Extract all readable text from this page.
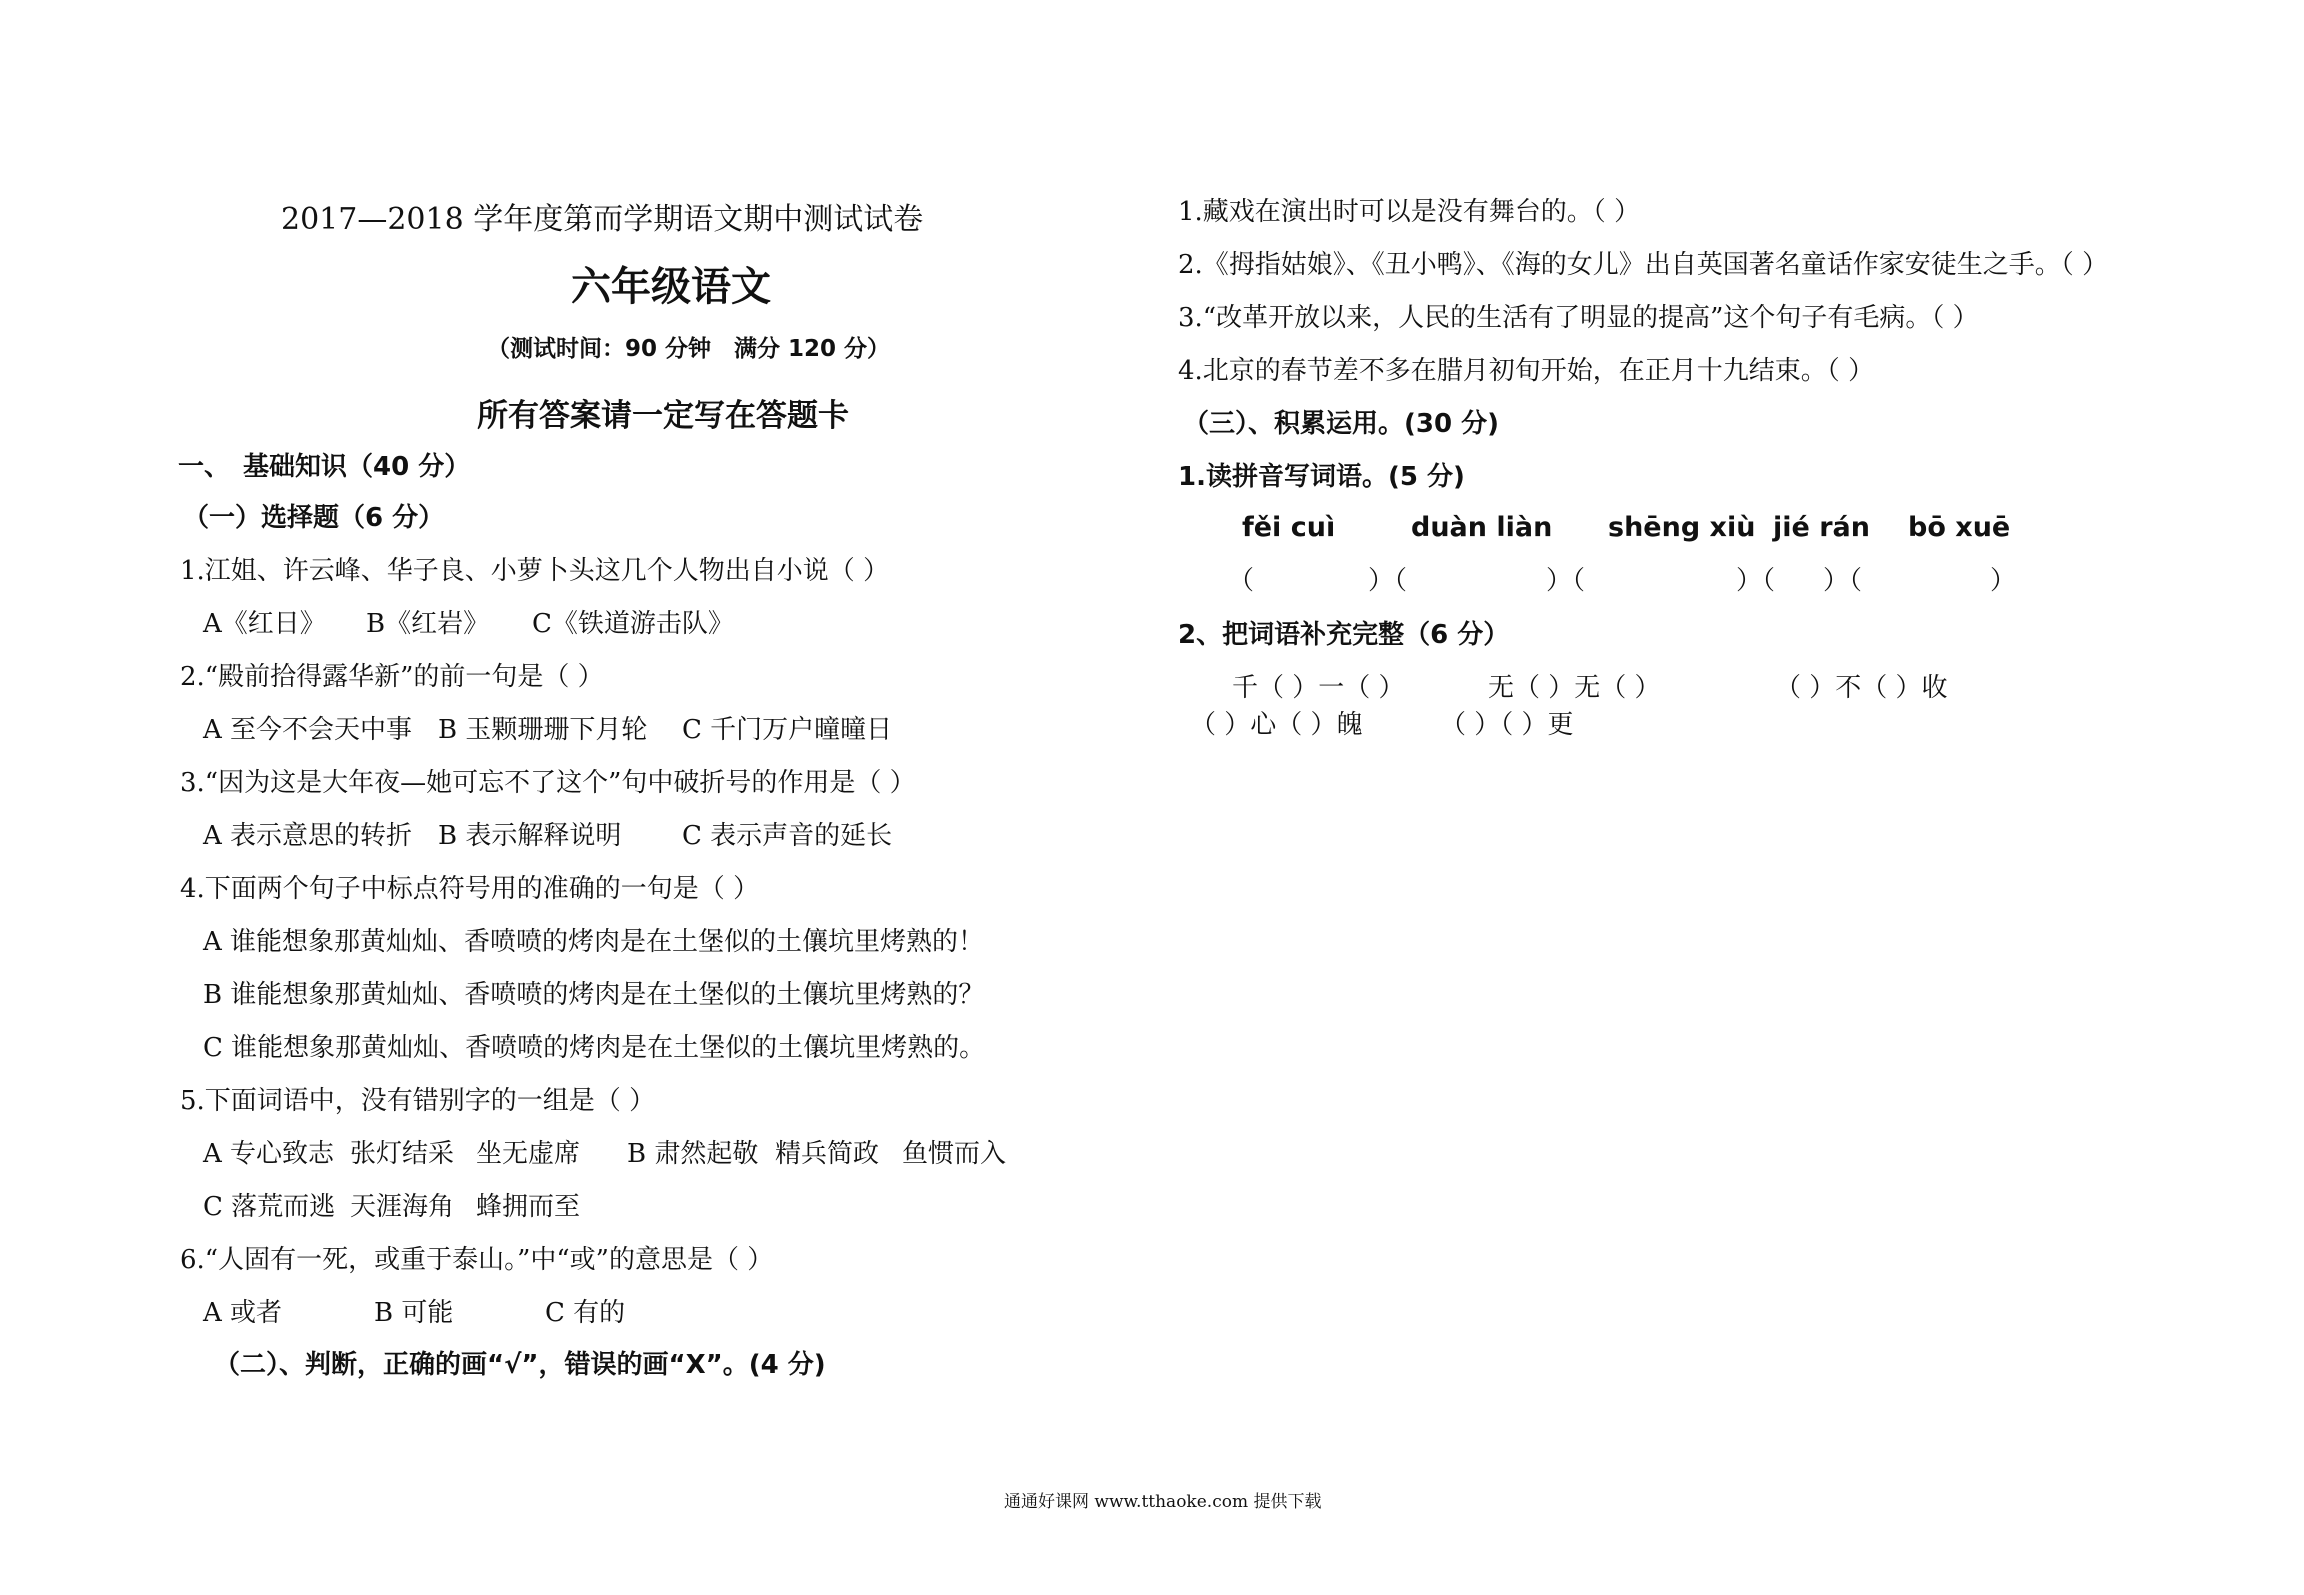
2017—2018 学年度第而学期语文期中测试试卷
六年级语文
（测试时间：90 分钟　满分 120 分）
所有答案请一定写在答题卡
一、　基础知识（40 分）
（一）选择题（6 分）
1.江姐、许云峰、华子良、小萝卜头这几个人物出自小说（ ）
A《红日》 B《红岩》 C《铁道游击队》
2.“殿前拾得露华新”的前一句是（ ）
A 至今不会天中事 B 玉颗珊珊下月轮 C 千门万户曈曈日
3.“因为这是大年夜—她可忘不了这个”句中破折号的作用是（ ）
A 表示意思的转折 B 表示解释说明 C 表示声音的延长
4.下面两个句子中标点符号用的准确的一句是（ ）
A 谁能想象那黄灿灿、香喷喷的烤肉是在土堡似的土儴坑里烤熟的！
B 谁能想象那黄灿灿、香喷喷的烤肉是在土堡似的土儴坑里烤熟的？
C 谁能想象那黄灿灿、香喷喷的烤肉是在土堡似的土儴坑里烤熟的。
5.下面词语中，没有错别字的一组是（ ）
A 专心致志 张灯结采 坐无虚席 B 肃然起敬 精兵简政 鱼惯而入
C 落荒而逃 天涯海角 蜂拥而至
6.“人固有一死，或重于泰山。”中“或”的意思是（ ）
A 或者	B 可能	C 有的
（二）、判断，正确的画“√”，错误的画“X”。(4 分)
1.藏戏在演出时可以是没有舞台的。（ ）
2.《拇指姑娘》、《丑小鸭》、《海的女儿》出自英国著名童话作家安徒生之手。（ ）
3.“改革开放以来，人民的生活有了明显的提高”这个句子有毛病。（ ）
4.北京的春节差不多在腊月初旬开始，在正月十九结束。（ ）
（三）、积累运用。(30 分)
1.读拼音写词语。(5 分)
fěi cuì	duàn liàn shēng xiù jié rán bō xuē
（	）（	）（	）（ ）（	）
2、把词语补充完整（6 分）
千（ ）一（ ）	无（ ）无（ ）	（ ）不（ ）收
（ ）心（ ）魄	（ ）（ ）更
通通好课网 www.tthaoke.com 提供下载
